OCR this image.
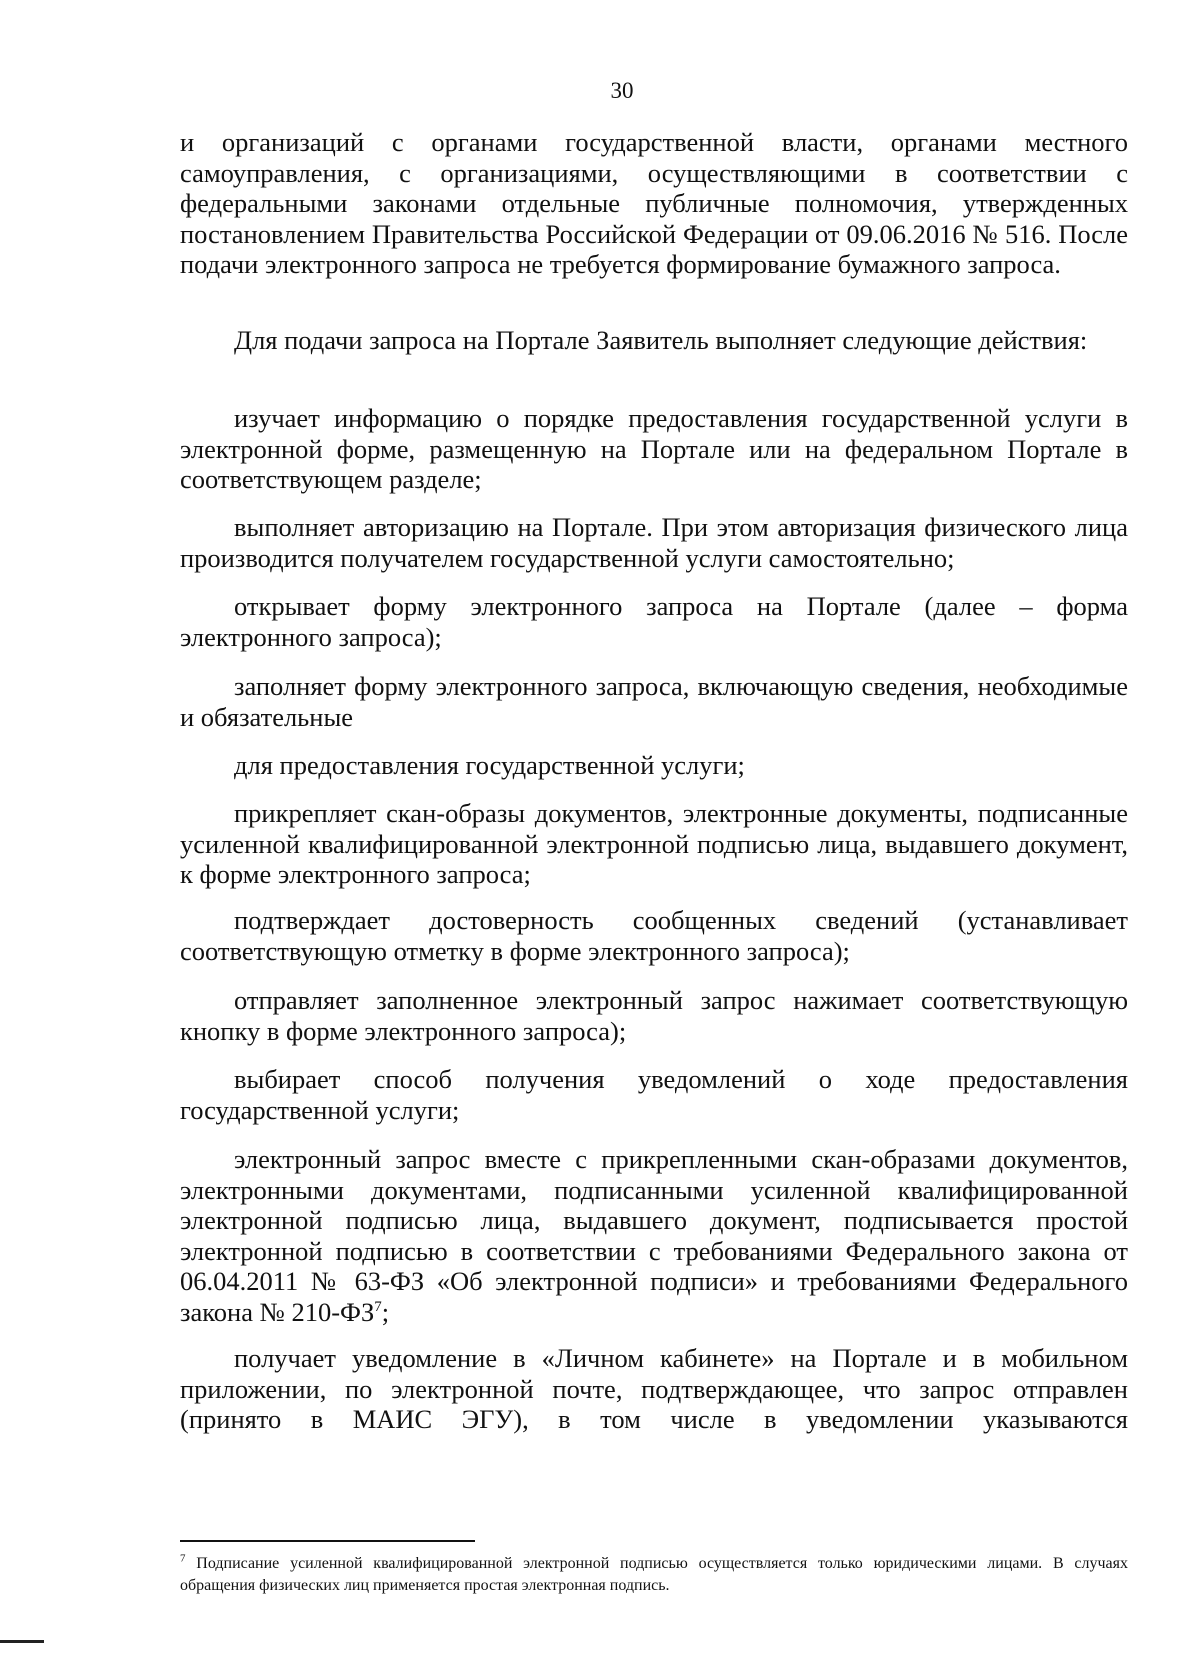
30

и организаций с органами государственной власти, органами местного самоуправления, с организациями, осуществляющими в соответствии с федеральными законами отдельные публичные полномочия, утвержденных постановлением Правительства Российской Федерации от 09.06.2016 № 516. После подачи электронного запроса не требуется формирование бумажного запроса.

Для подачи запроса на Портале Заявитель выполняет следующие действия:

изучает информацию о порядке предоставления государственной услуги в электронной форме, размещенную на Портале или на федеральном Портале в соответствующем разделе;

выполняет авторизацию на Портале. При этом авторизация физического лица производится получателем государственной услуги самостоятельно;

открывает форму электронного запроса на Портале (далее – форма электронного запроса);

заполняет форму электронного запроса, включающую сведения, необходимые и обязательные

для предоставления государственной услуги;

прикрепляет скан-образы документов, электронные документы, подписанные усиленной квалифицированной электронной подписью лица, выдавшего документ, к форме электронного запроса;

подтверждает достоверность сообщенных сведений (устанавливает соответствующую отметку в форме электронного запроса);

отправляет заполненное электронный запрос нажимает соответствующую кнопку в форме электронного запроса);

выбирает способ получения уведомлений о ходе предоставления государственной услуги;

электронный запрос вместе с прикрепленными скан-образами документов, электронными документами, подписанными усиленной квалифицированной электронной подписью лица, выдавшего документ, подписывается простой электронной подписью в соответствии с требованиями Федерального закона от 06.04.2011 № 63-ФЗ «Об электронной подписи» и требованиями Федерального закона № 210-ФЗ$^7$;

получает уведомление в «Личном кабинете» на Портале и в мобильном приложении, по электронной почте, подтверждающее, что запрос отправлен (принято в МАИС ЭГУ), в том числе в уведомлении указываются

$^7$ Подписание усиленной квалифицированной электронной подписью осуществляется только юридическими лицами. В случаях обращения физических лиц применяется простая электронная подпись.
